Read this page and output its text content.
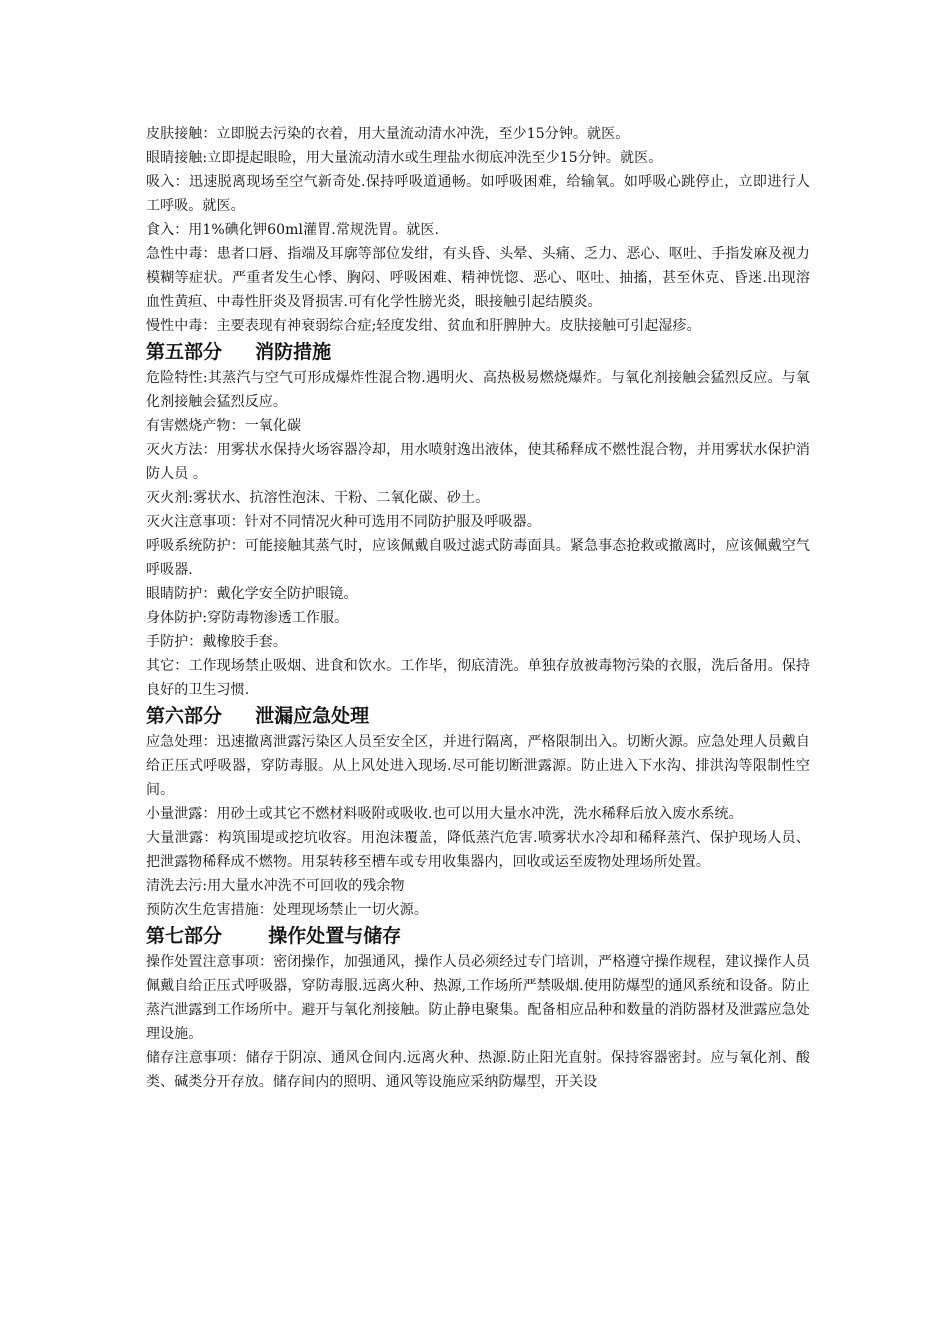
皮肤接触：立即脱去污染的衣着，用大量流动清水冲洗，至少15分钟。就医。

眼睛接触:立即提起眼睑，用大量流动清水或生理盐水彻底冲洗至少15分钟。就医。

吸入：迅速脱离现场至空气新奇处.保持呼吸道通畅。如呼吸困难，给输氧。如呼吸心跳停止，立即进行人工呼吸。就医。

食入：用1%碘化钾60ml灌胃.常规洗胃。就医.

急性中毒：患者口唇、指端及耳廓等部位发绀，有头昏、头晕、头痛、乏力、恶心、呕吐、手指发麻及视力模糊等症状。严重者发生心悸、胸闷、呼吸困难、精神恍惚、恶心、呕吐、抽搐，甚至休克、昏迷.出现溶血性黄疸、中毒性肝炎及肾损害.可有化学性膀光炎，眼接触引起结膜炎。

慢性中毒：主要表现有神衰弱综合症;轻度发绀、贫血和肝脾肿大。皮肤接触可引起湿疹。

第五部分     消防措施

危险特性:其蒸汽与空气可形成爆炸性混合物.遇明火、高热极易燃烧爆炸。与氧化剂接触会猛烈反应。与氧化剂接触会猛烈反应。

有害燃烧产物：一氧化碳

灭火方法：用雾状水保持火场容器冷却，用水喷射逸出液体，使其稀释成不燃性混合物，并用雾状水保护消防人员 。

灭火剂:雾状水、抗溶性泡沫、干粉、二氧化碳、砂土。

灭火注意事项：针对不同情况火种可选用不同防护服及呼吸器。

呼吸系统防护：可能接触其蒸气时，应该佩戴自吸过滤式防毒面具。紧急事态抢救或撤离时，应该佩戴空气呼吸器.

眼睛防护：戴化学安全防护眼镜。

身体防护:穿防毒物渗透工作服。

手防护：戴橡胶手套。

其它：工作现场禁止吸烟、进食和饮水。工作毕，彻底清洗。单独存放被毒物污染的衣服，洗后备用。保持良好的卫生习惯.

第六部分     泄漏应急处理

应急处理：迅速撤离泄露污染区人员至安全区，并进行隔离，严格限制出入。切断火源。应急处理人员戴自给正压式呼吸器，穿防毒服。从上风处进入现场.尽可能切断泄露源。防止进入下水沟、排洪沟等限制性空间。

小量泄露：用砂土或其它不燃材料吸附或吸收.也可以用大量水冲洗，洗水稀释后放入废水系统。

大量泄露：构筑围堤或挖坑收容。用泡沫覆盖，降低蒸汽危害.喷雾状水冷却和稀释蒸汽、保护现场人员、把泄露物稀释成不燃物。用泵转移至槽车或专用收集器内，回收或运至废物处理场所处置。

清洗去污:用大量水冲洗不可回收的残余物

预防次生危害措施：处理现场禁止一切火源。

第七部分       操作处置与储存

操作处置注意事项：密闭操作，加强通风，操作人员必须经过专门培训，严格遵守操作规程，建议操作人员佩戴自给正压式呼吸器，穿防毒服.远离火种、热源,工作场所严禁吸烟.使用防爆型的通风系统和设备。防止蒸汽泄露到工作场所中。避开与氧化剂接触。防止静电聚集。配备相应品种和数量的消防器材及泄露应急处理设施。

储存注意事项：储存于阴凉、通风仓间内.远离火种、热源.防止阳光直射。保持容器密封。应与氧化剂、酸类、碱类分开存放。储存间内的照明、通风等设施应采纳防爆型，开关设
